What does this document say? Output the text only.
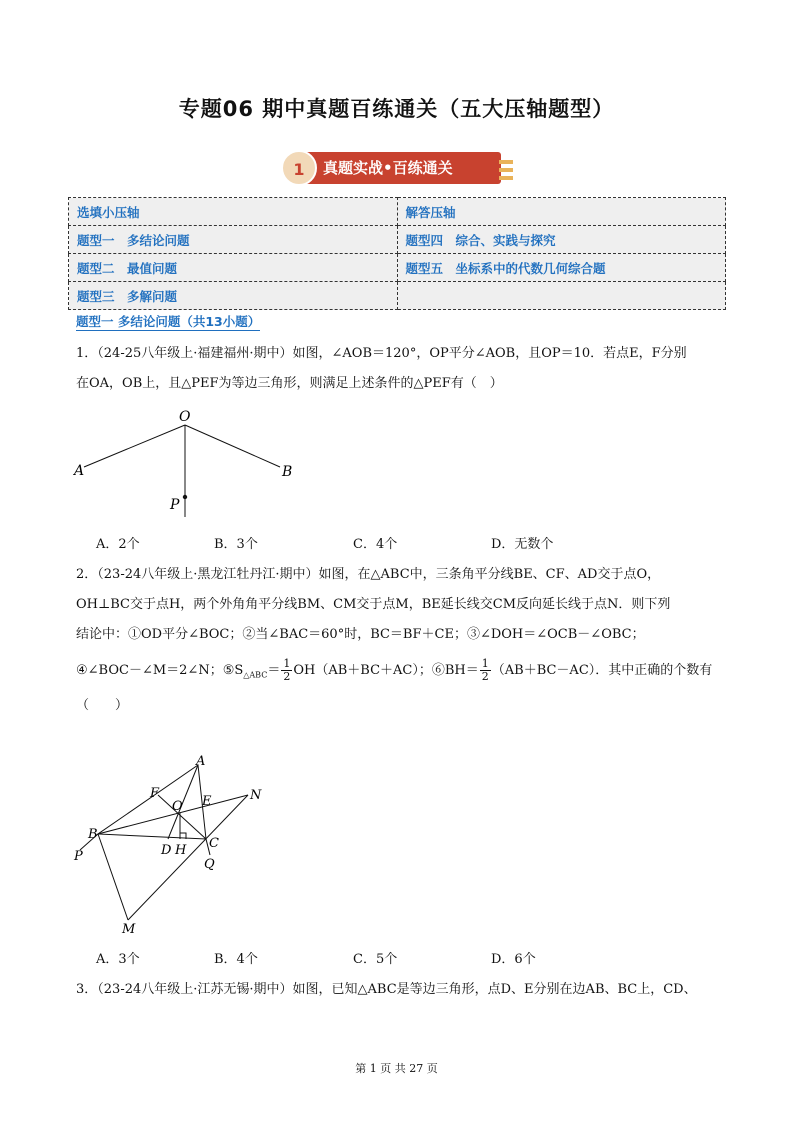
专题06 期中真题百练通关（五大压轴题型）
真题实战•百练通关
1
选填小压轴	解答压轴
题型一　多结论问题	题型四　综合、实践与探究
题型二　最值问题	题型五　坐标系中的代数几何综合题
题型三　多解问题	
题型一 多结论问题（共13小题）
1．（24-25八年级上·福建福州·期中）如图，∠AOB＝120°，OP平分∠AOB，且OP＝10．若点E，F分别
在OA，OB上，且△PEF为等边三角形，则满足上述条件的△PEF有（　）
O
A	B
P
A．2个	B．3个	C．4个	D．无数个
2．（23-24八年级上·黑龙江牡丹江·期中）如图，在△ABC中，三条角平分线BE、CF、AD交于点O，
OH⊥BC交于点H，两个外角角平分线BM、CM交于点M，BE延长线交CM反向延长线于点N．则下列
结论中：①OD平分∠BOC；②当∠BAC＝60°时，BC＝BF＋CE；③∠DOH＝∠OCB－∠OBC；
④∠BOC－∠M＝2∠N；$⑤S_{\triangle ABC}= \frac{1}{2} OH(AB+BC+AC)$；⑥BH＝ $\frac{1}{2} (AB+BC-AC)$．其中正确的个数有
（　　）
A
F
O E	N
B
C
D H
P
Q
M
A．3个	B．4个	C．5个	D．6个
3．（23-24八年级上·江苏无锡·期中）如图，已知△ABC是等边三角形，点D、E分别在边AB、BC上，CD、
第 1 页 共 27 页
